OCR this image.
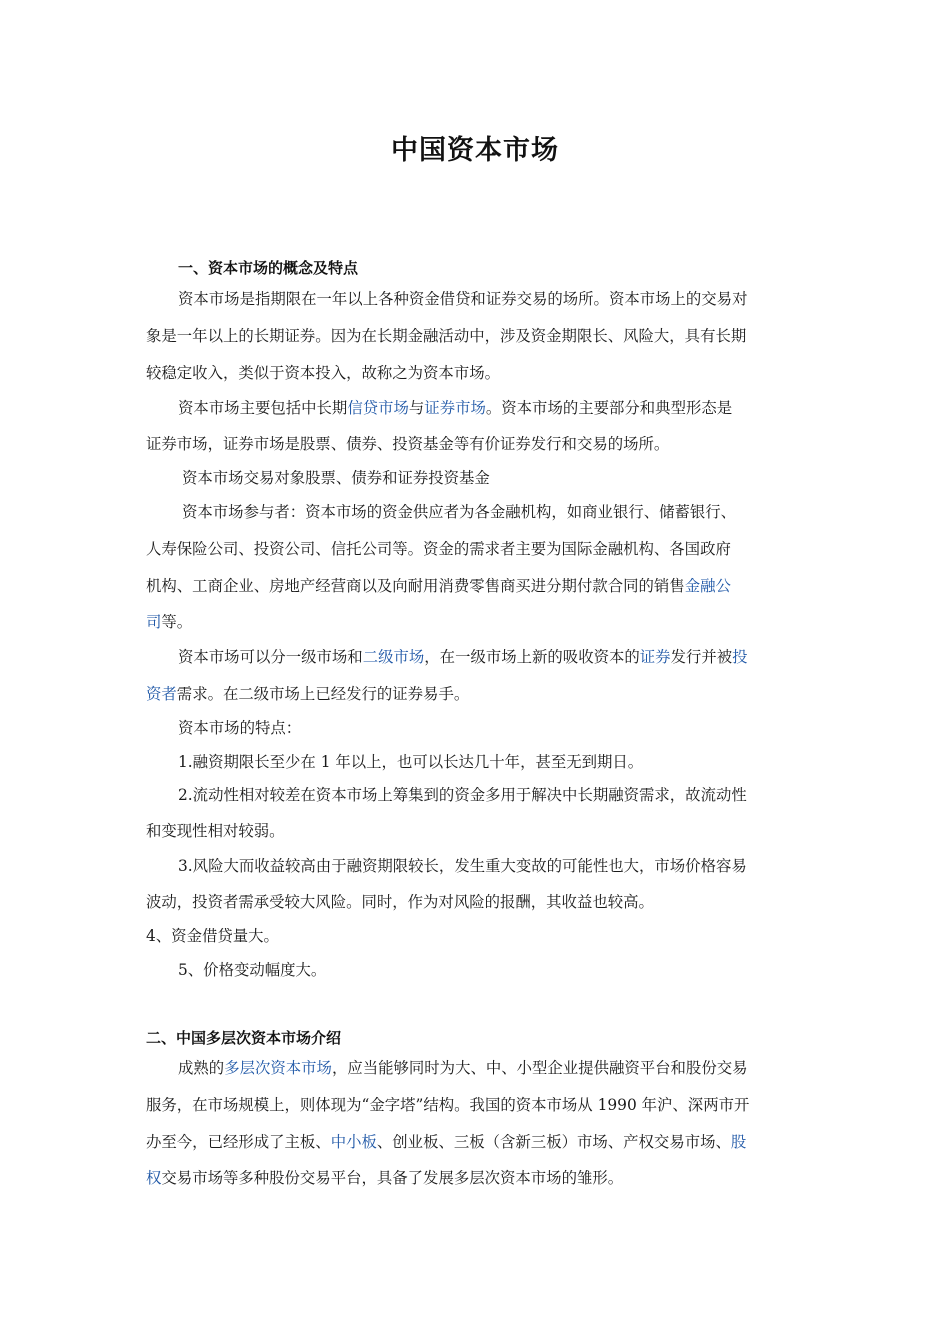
中国资本市场
一、资本市场的概念及特点
资本市场是指期限在一年以上各种资金借贷和证券交易的场所。资本市场上的交易对
象是一年以上的长期证券。因为在长期金融活动中，涉及资金期限长、风险大，具有长期
较稳定收入，类似于资本投入，故称之为资本市场。
资本市场主要包括中长期信贷市场与证券市场。资本市场的主要部分和典型形态是
证券市场，证券市场是股票、债券、投资基金等有价证券发行和交易的场所。
资本市场交易对象股票、债券和证券投资基金
资本市场参与者：资本市场的资金供应者为各金融机构，如商业银行、储蓄银行、
人寿保险公司、投资公司、信托公司等。资金的需求者主要为国际金融机构、各国政府
机构、工商企业、房地产经营商以及向耐用消费零售商买进分期付款合同的销售金融公
司等。
资本市场可以分一级市场和二级市场，在一级市场上新的吸收资本的证券发行并被投
资者需求。在二级市场上已经发行的证券易手。
资本市场的特点：
1.融资期限长至少在 1 年以上，也可以长达几十年，甚至无到期日。
2.流动性相对较差在资本市场上筹集到的资金多用于解决中长期融资需求，故流动性
和变现性相对较弱。
3.风险大而收益较高由于融资期限较长，发生重大变故的可能性也大，市场价格容易
波动，投资者需承受较大风险。同时，作为对风险的报酬，其收益也较高。
4、资金借贷量大。
5、价格变动幅度大。
二、中国多层次资本市场介绍
成熟的多层次资本市场，应当能够同时为大、中、小型企业提供融资平台和股份交易
服务，在市场规模上，则体现为“金字塔”结构。我国的资本市场从 1990 年沪、深两市开
办至今，已经形成了主板、中小板、创业板、三板（含新三板）市场、产权交易市场、股
权交易市场等多种股份交易平台，具备了发展多层次资本市场的雏形。
